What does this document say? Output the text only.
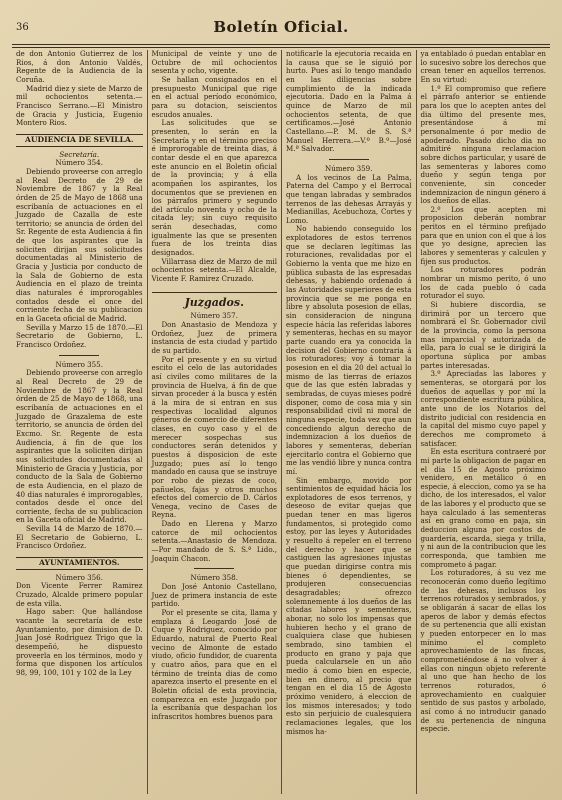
36	Boletín Oficial.

de don Antonio Gutierrez de los Rios, á don Antonio Valdés, Regente de la Audiencia de la Coruña.

Madrid diez y siete de Marzo de mil ochocientos setenta.—Francisco Serrano.—El Ministro de Gracia y Justicia, Eugenio Montero Rios.

AUDIENCIA DE SEVILLA.

Secretaría.

Número 354.

Debiendo proveerse con arreglo al Real Decreto de 29 de Noviembre de 1867 y la Real órden de 25 de Mayo de 1868 una escribanía de actuaciones en el Juzgado de Cazalla de este territorio; se anuncia de órden del Sr. Regente de esta Audiencia á fin de que los aspirantes que la soliciten dirijan sus solicitudes documentadas al Ministerio de Gracia y Justicia por conducto de la Sala de Gobierno de esta Audiencia en el plazo de treinta dias naturales é improrogables contados desde el once del corriente fecha de su publicacion en la Gaceta oficial de Madrid.

Sevilla y Marzo 15 de 1870.—El Secretario de Gobierno, L. Francisco Ordoñez.

Número 355.

Debiendo proveerse con arreglo al Real Decreto de 29 de Noviembre de 1867 y la Real órden de 25 de Mayo de 1868, una escribanía de actuaciones en el Juzgado de Grazalema de este territorio, se anuncia de órden del Excmo. Sr. Regente de esta Audiencia, á fin de que los aspirantes que la soliciten dirijan sus solicitudes documentadas al Ministerio de Gracia y Justicia, por conducto de la Sala de Gobierno de esta Audiencia, en el plazo de 40 dias naturales é improrogables, contados desde el once del corriente, fecha de su publicacion en la Gaceta oficial de Madrid.

Sevilla 14 de Marzo de 1870.—El Secretario de Gobierno, L. Francisco Ordoñez.

AYUNTAMIENTOS.

Número 356.

Don Vicente Ferrer Ramirez Cruzado, Alcalde primero popular de esta villa.

Hago saber: Que hallándose vacante la secretaría de este Ayuntamiento, por dimision de D. Juan José Rodriguez Trigo que la desempeñó, he dispuesto proveerla en los términos, modo y forma que disponen los artículos 98, 99, 100, 101 y 102 de la Ley

Municipal de veinte y uno de Octubre de mil ochocientos sesenta y ocho, vigente.

Se hallan consignados en el presupuesto Municipal que rige en el actual período económico, para su dotacion, seiscientos escudos anuales.

Las solicitudes que se presenten, lo serán en la Secretaría y en el término preciso é improrogable de treinta dias, á contar desde el en que aparezca este anuncio en el Boletin oficial de la provincia; y á ella acompañen los aspirantes, los documentos que se previenen en los párrafos primero y segundo del artículo noventa y ocho de la citada ley; sin cuyo requisito serán desechadas, como igualmente las que se presenten fuera de los treinta dias designados.

Villarrasa diez de Marzo de mil ochocientos setenta.—El Alcalde, Vicente F. Ramirez Cruzado.

Juzgados.

Número 357.

Don Anastasio de Mendoza y Ordoñez, Juez de primera instancia de esta ciudad y partido de su partido.

Por el presente y en su virtud escito el celo de las autoridades así civiles como militares de la provincia de Huelva, á fin de que sirvan proceder á la busca y estén á la mira de si entran en sus respectivas localidad algunos géneros de comercio de diferentes clases, en cuyo caso y el de merecer sospechas sus conductores serán detenidos y puestos á disposicion de este Juzgado; pues así lo tengo mandado en causa que se instruye por robo de piezas de coco, pañuelos, fajas y otros muchos efectos del comercio de D. Cárlos Venega, vecino de Cases de Reyna.

Dado en Llerena y Marzo catorce de mil ochocientos setenta.—Anastasio de Mendoza.—Por mandado de S. S.ª Lido., Joaquin Chacon.

Número 358.

Don José Antonio Castellano, Juez de primera instancia de este partido.

Por el presente se cita, llama y emplaza á Leogardo José de Cuque y Rodriguez, conocido por Eduardo, natural de Puerto Real vecino de Almonte de estado viudo, oficio fundidor, de cuarenta y cuatro años, para que en el término de treinta dias de como aparezca inserto el presente en el Boletin oficial de esta provincia, comparezca en este Juzgado por la escribanía que despachan los infrascritos hombres buenos para

notificarle la ejecutoria recaida en la causa que se le siguió por hurto. Pues así lo tengo mandado en las diligencias sobre cumplimiento de la indicada ejecutoria. Dado en la Palma á quince de Marzo de mil ochocientos setenta, de que certificamos.—José Antonio Castellano.—P. M. de S. S.ª Manuel Herrera.—V.º B.º—José M.ª Salvador.

Número 359.

A los vecinos de La Palma, Paterna del Campo y el Berrocal que tengan labradas y sembrados terrenos de las dehesas Arrayás y Medianillas, Acebuchoza, Cortes y Lomo.

No habiendo conseguido los explotadores de estos terrenos que se declaren legítimas las roturaciones, revalidadas por el Gobierno la venta que me hizo en pública subasta de las espresadas dehesas, y habiendo ordenado á las Autoridades superiores de esta provincia que se me ponga en libre y absoluta posesion de ellas, sin consideracion de ninguna especie hácia las referidas labores y sementeras, hechas en su mayor parte cuando era ya conocida la decision del Gobierno contraria á los roturadores; voy á tomar la posesion en el dia 20 del actual lo mismo de las tierras de eriazos que de las que estén labradas y sembradas, de cuyas mieses podré disponer, como de cosa mia y sin responsabilidad civil ni moral de ninguna especie, toda vez que aun concediendo algun derecho de indemnizacion á los dueños de labores y sementeras, deberían ejercitarlo contra el Gobierno que me las vendió libre y nunca contra mí.

Sin embargo, movido por sentimientos de equidad hácia los explotadores de esos terrenos, y deseoso de evitar quejas que puedan tener en mas ligeros fundamentos, si protegido como estoy, por las leyes y Autoridades y resuelto á repeler en el terreno del derecho y hacer que se castiguen las agresiones injustas que puedan dirigirse contra mis bienes ó dependientes, se produjeren consecuencias desagradables; ofrezco solemnemente á los dueños de las citadas labores y sementeras, abonar, no solo los impensas que hubieren hecho y el grano de cualquiera clase que hubiesen sembrado, sino tambien el producto en grano y paja que pueda calcularsele en un año medio á como bien en especie, bien en dinero, al precio que tengan en el dia 15 de Agosto próximo venidero, á eleccion de los mismos interesados; y todo esto sin perjuicio de cualesquiera reclamaciones legales, que los mismos ha-

ya entablado ó puedan entablar en lo sucesivo sobre los derechos que crean tener en aquellos terrenos. En su virtud:

1.º El compromiso que refiere el párrafo anterior se entiende para los que lo acepten antes del dia último del presente mes, presentándose á mí personalmente ó por medio de apoderado. Pasado dicho dia no admitiré ninguna reclamacion sobre dichos particular, y usaré de las sementeras y labores como dueño y según tenga por conveniente, sin conceder indemnizacion de ningun género á los dueños de ellas.

2.º Los que acepten mi proposicion deberán nombrar peritos en el término prefijado para que en union con el que á los que yo designe, aprecien las labores y sementeras y calculen y fijen sus productos.

Los roturadores podrán nombrar un mismo perito, ó uno los de cada pueblo ó cada roturador el suyo.

Si hubiere discordia, se dirimirá por un tercero que nombrará el Sr. Gobernador civil de la provincia, como la persona mas imparcial y autorizada de ella, para lo cual se le dirigirá la oportuna súplica por ambas partes interesadas.

3.º Apreciadas las labores y sementeras, se otorgará por los dueños de aquellas y por mí la correspondiente escritura pública, ante uno de los Notarios del distrito judicial con residencia en la capital del mismo cuyo papel y derechos me comprometo á satisfacer.

En esta escritura contraeré por mi parte la obligacion de pagar en el dia 15 de Agosto próximo venidero, en metálico ó en especie, á eleccion, como ya se ha dicho, de los interesados, el valor de las labores y el producto que se haya calculado á las sementeras así en grano como en paja, sin deduccion alguna por costos de guardería, escarda, siega y trilla, y ni aun de la contribucion que les corresponda, que tambien me comprometo á pagar.

Los roturadores, á su vez me reconocerán como dueño legítimo de las dehesas, inclusos los terrenos roturados y sembrados, y se obligarán á sacar de ellas los aperos de labor y demás efectos de su pertenencia que allí existan y pueden entorpecer en lo mas mínimo el completo aprovechamiento de las fincas, comprometiéndose á no volver á ellas con ningun objeto referente al uno que han hecho de los terrenos roturados, ó aprovechamiento en cualquier sentido de sus pastos y arbolado, así como á no introducir ganado de su pertenencia de ninguna especie.
